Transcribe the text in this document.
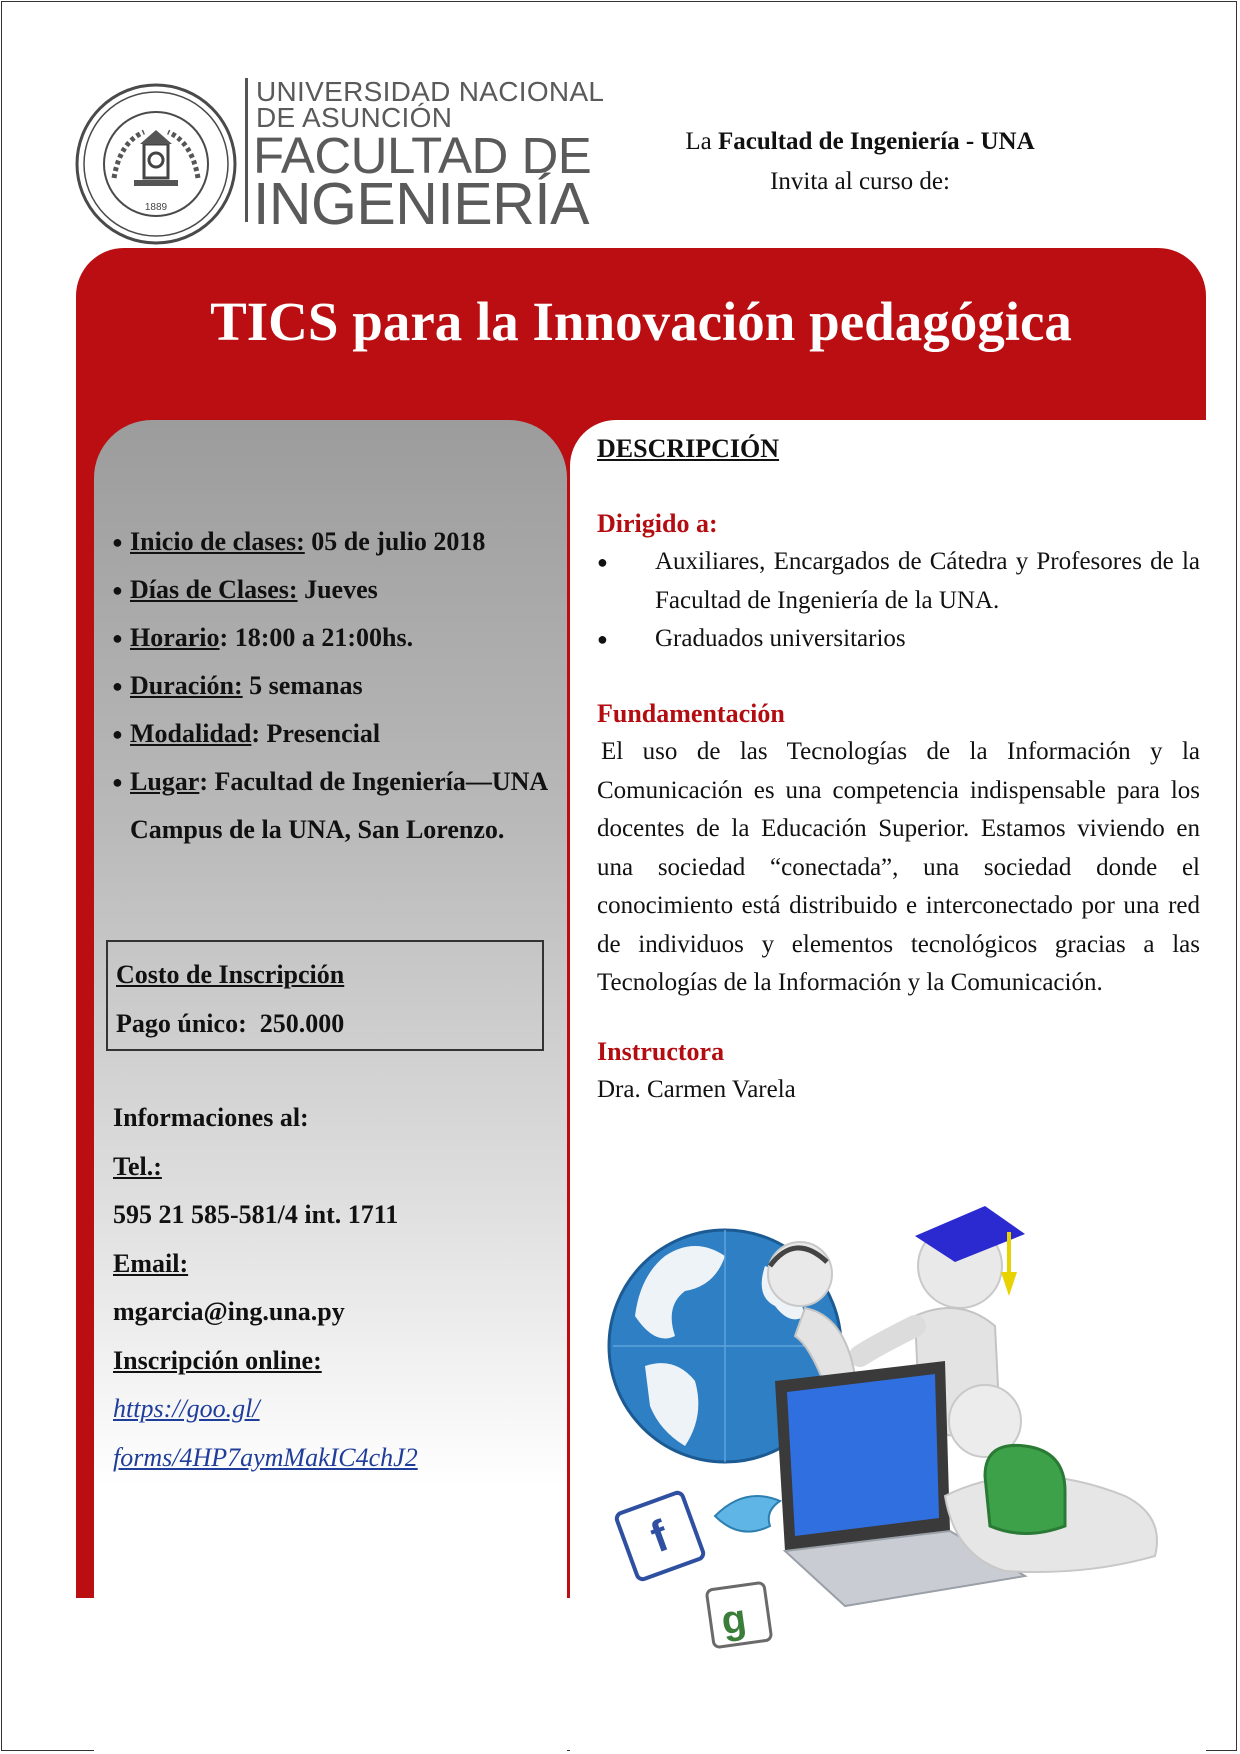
1889
UNIVERSIDAD NACIONAL
DE ASUNCIÓN
FACULTAD DE
INGENIERÍA
La Facultad de Ingeniería - UNA
Invita al curso de:
TICS para la Innovación pedagógica
● Inicio de clases: 05 de julio 2018
● Días de Clases: Jueves
● Horario: 18:00 a 21:00hs.
● Duración: 5 semanas
● Modalidad: Presencial
● Lugar: Facultad de Ingeniería—UNA Campus de la UNA, San Lorenzo.
Costo de Inscripción
Pago único: 250.000
Informaciones al:
Tel.:
595 21 585-581/4 int. 1711
Email:
mgarcia@ing.una.py
Inscripción online:
https://goo.gl/
forms/4HP7aymMakIC4chJ2
DESCRIPCIÓN
Dirigido a:
● Auxiliares, Encargados de Cátedra y Profesores de la Facultad de Ingeniería de la UNA.
● Graduados universitarios
Fundamentación
El uso de las Tecnologías de la Información y la Comunicación es una competencia indispensable para los docentes de la Educación Superior. Estamos viviendo en una sociedad “conectada”, una sociedad donde el conocimiento está distribuido e interconectado por una red de individuos y elementos tecnológicos gracias a las Tecnologías de la Información y la Comunicación.
Instructora
Dra. Carmen Varela
f
g
